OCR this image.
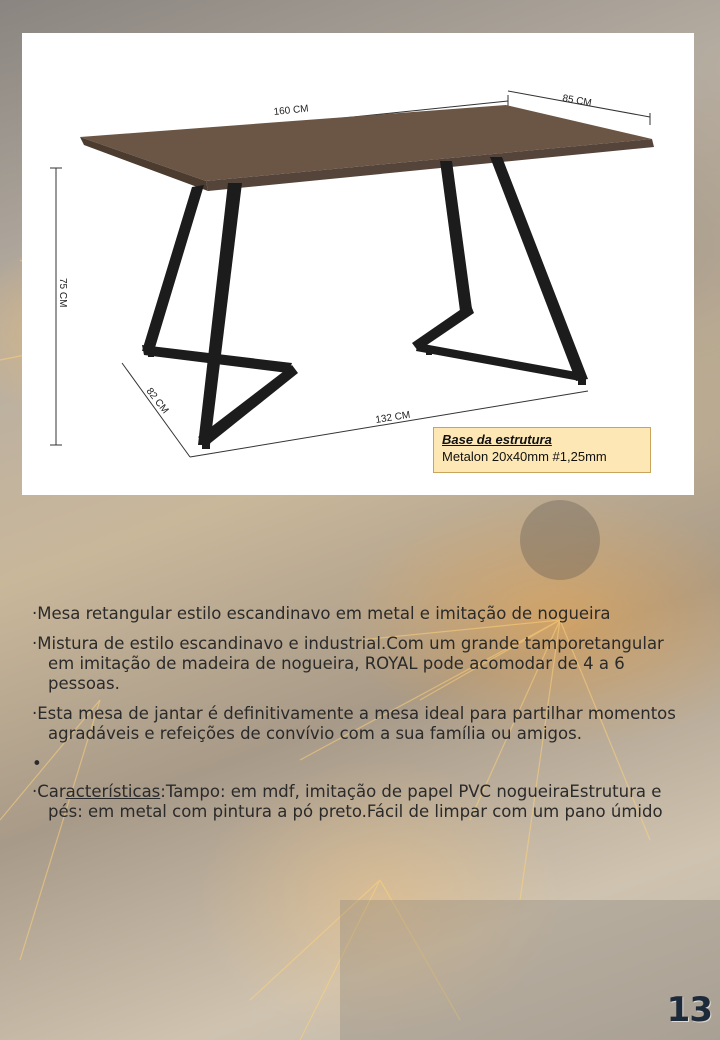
160 CM
85 CM
75 CM
82 CM
132 CM
Base da estrutura
Metalon 20x40mm #1,25mm
·Mesa retangular estilo escandinavo em metal e imitação de nogueira
·Mistura de estilo escandinavo e industrial.Com um grande tamporetangular em imitação de madeira de nogueira, ROYAL pode acomodar de 4 a 6 pessoas.
·Esta mesa de jantar é definitivamente a mesa ideal para partilhar momentos agradáveis e refeições de convívio com a sua família ou amigos.
•
·Características:Tampo: em mdf, imitação de papel PVC nogueiraEstrutura e pés: em metal com pintura a pó preto.Fácil de limpar com um pano úmido
13
